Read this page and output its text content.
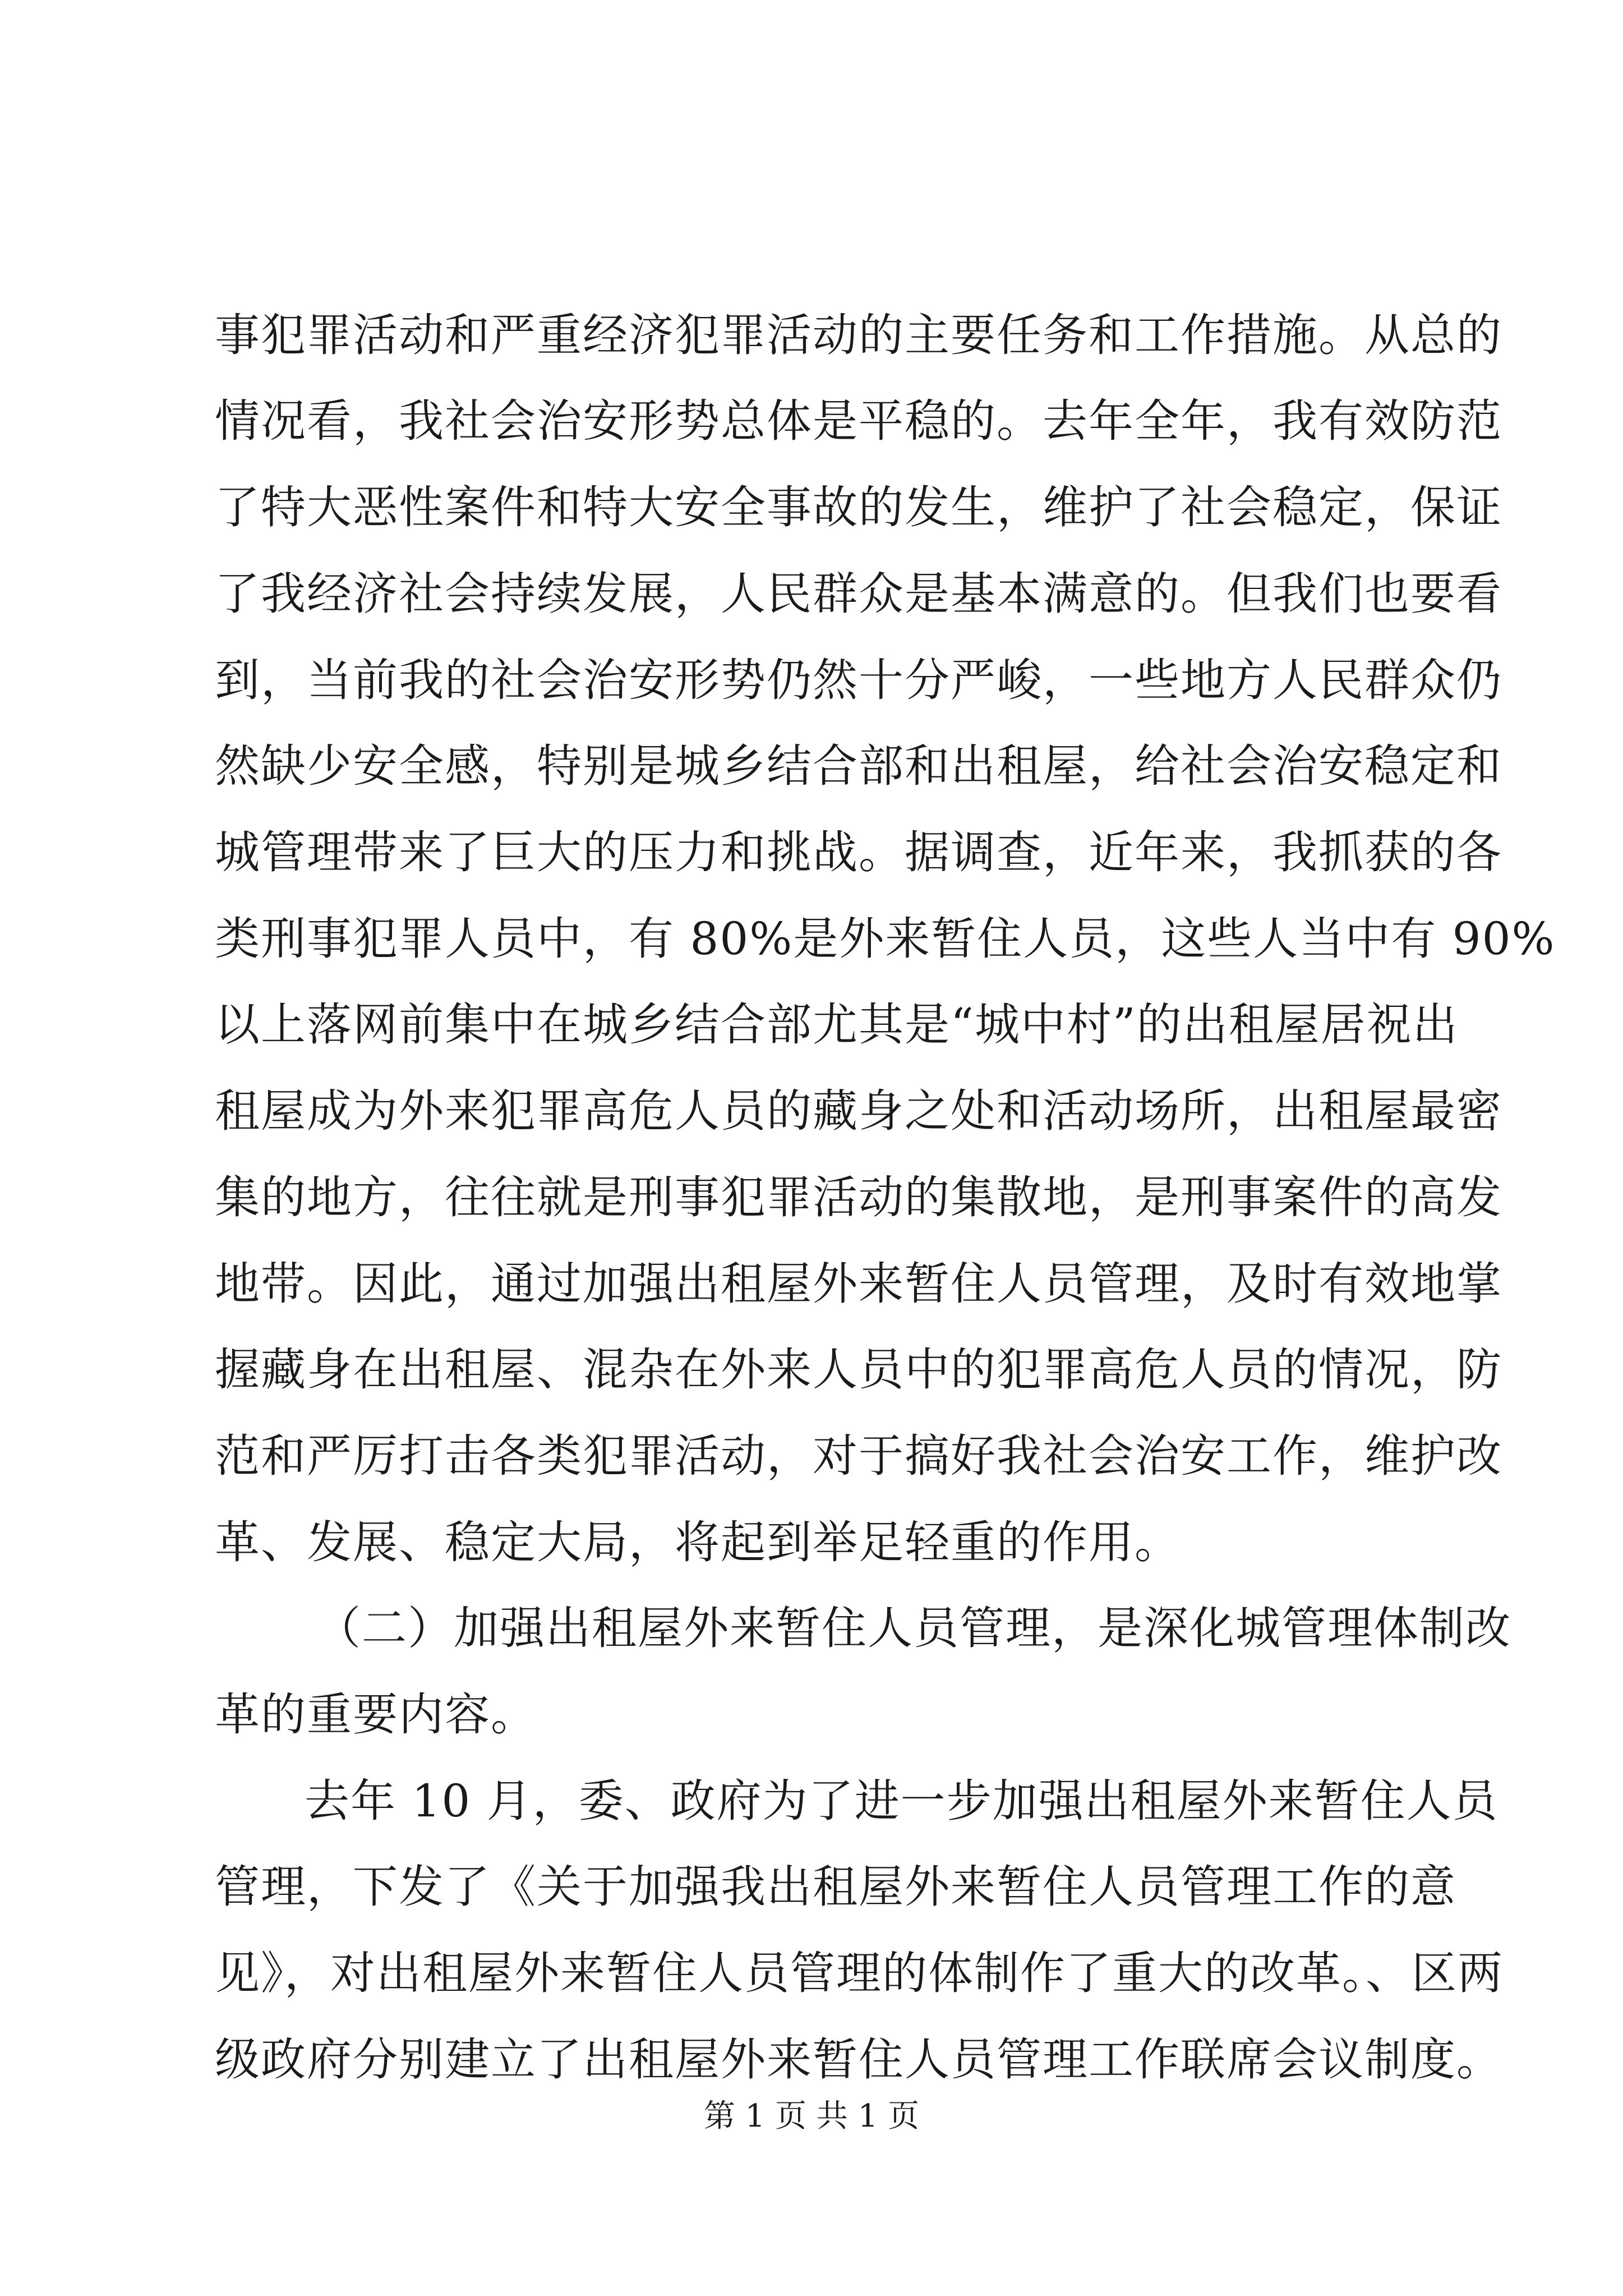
事犯罪活动和严重经济犯罪活动的主要任务和工作措施。从总的
情况看，我社会治安形势总体是平稳的。去年全年，我有效防范
了特大恶性案件和特大安全事故的发生，维护了社会稳定，保证
了我经济社会持续发展，人民群众是基本满意的。但我们也要看
到，当前我的社会治安形势仍然十分严峻，一些地方人民群众仍
然缺少安全感，特别是城乡结合部和出租屋，给社会治安稳定和
城管理带来了巨大的压力和挑战。据调查，近年来，我抓获的各
类刑事犯罪人员中，有 80%是外来暂住人员，这些人当中有 90%
以上落网前集中在城乡结合部尤其是“城中村”的出租屋居祝出
租屋成为外来犯罪高危人员的藏身之处和活动场所，出租屋最密
集的地方，往往就是刑事犯罪活动的集散地，是刑事案件的高发
地带。因此，通过加强出租屋外来暂住人员管理，及时有效地掌
握藏身在出租屋、混杂在外来人员中的犯罪高危人员的情况，防
范和严厉打击各类犯罪活动，对于搞好我社会治安工作，维护改
革、发展、稳定大局，将起到举足轻重的作用。
（二）加强出租屋外来暂住人员管理，是深化城管理体制改
革的重要内容。
去年 10 月，委、政府为了进一步加强出租屋外来暂住人员
管理，下发了《关于加强我出租屋外来暂住人员管理工作的意
见》，对出租屋外来暂住人员管理的体制作了重大的改革。、区两
级政府分别建立了出租屋外来暂住人员管理工作联席会议制度。
第 1 页 共 1 页
